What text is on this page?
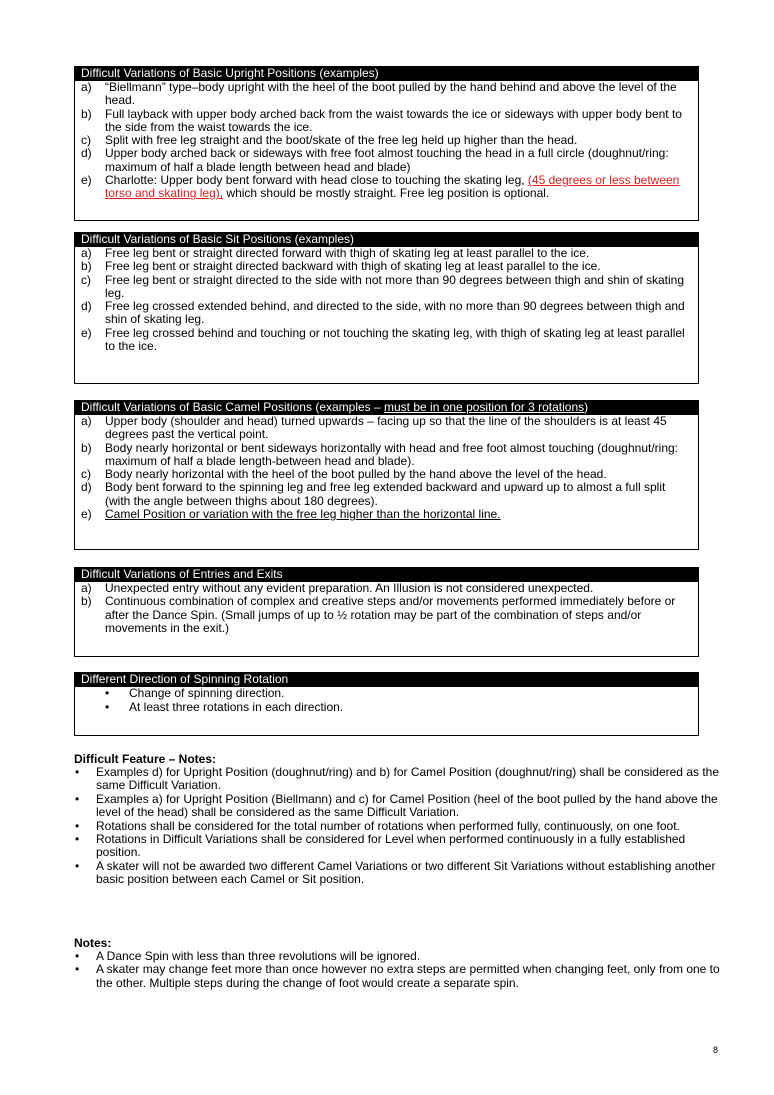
Difficult Variations of Basic Upright Positions (examples)
a) “Biellmann” type–body upright with the heel of the boot pulled by the hand behind and above the level of the head.
b) Full layback with upper body arched back from the waist towards the ice or sideways with upper body bent to the side from the waist towards the ice.
c) Split with free leg straight and the boot/skate of the free leg held up higher than the head.
d) Upper body arched back or sideways with free foot almost touching the head in a full circle (doughnut/ring: maximum of half a blade length between head and blade)
e) Charlotte: Upper body bent forward with head close to touching the skating leg, (45 degrees or less between torso and skating leg), which should be mostly straight. Free leg position is optional.
Difficult Variations of Basic Sit Positions (examples)
a) Free leg bent or straight directed forward with thigh of skating leg at least parallel to the ice.
b) Free leg bent or straight directed backward with thigh of skating leg at least parallel to the ice.
c) Free leg bent or straight directed to the side with not more than 90 degrees between thigh and shin of skating leg.
d) Free leg crossed extended behind, and directed to the side, with no more than 90 degrees between thigh and shin of skating leg.
e) Free leg crossed behind and touching or not touching the skating leg, with thigh of skating leg at least parallel to the ice.
Difficult Variations of Basic Camel Positions (examples – must be in one position for 3 rotations)
a) Upper body (shoulder and head) turned upwards – facing up so that the line of the shoulders is at least 45 degrees past the vertical point.
b) Body nearly horizontal or bent sideways horizontally with head and free foot almost touching (doughnut/ring: maximum of half a blade length-between head and blade).
c) Body nearly horizontal with the heel of the boot pulled by the hand above the level of the head.
d) Body bent forward to the spinning leg and free leg extended backward and upward up to almost a full split (with the angle between thighs about 180 degrees).
e) Camel Position or variation with the free leg higher than the horizontal line.
Difficult Variations of Entries and Exits
a) Unexpected entry without any evident preparation. An Illusion is not considered unexpected.
b) Continuous combination of complex and creative steps and/or movements performed immediately before or after the Dance Spin. (Small jumps of up to ½ rotation may be part of the combination of steps and/or movements in the exit.)
Different Direction of Spinning Rotation
• Change of spinning direction.
• At least three rotations in each direction.
Difficult Feature – Notes:
• Examples d) for Upright Position (doughnut/ring) and b) for Camel Position (doughnut/ring) shall be considered as the same Difficult Variation.
• Examples a) for Upright Position (Biellmann) and c) for Camel Position (heel of the boot pulled by the hand above the level of the head) shall be considered as the same Difficult Variation.
• Rotations shall be considered for the total number of rotations when performed fully, continuously, on one foot.
• Rotations in Difficult Variations shall be considered for Level when performed continuously in a fully established position.
• A skater will not be awarded two different Camel Variations or two different Sit Variations without establishing another basic position between each Camel or Sit position.
Notes:
• A Dance Spin with less than three revolutions will be ignored.
• A skater may change feet more than once however no extra steps are permitted when changing feet, only from one to the other. Multiple steps during the change of foot would create a separate spin.
8
